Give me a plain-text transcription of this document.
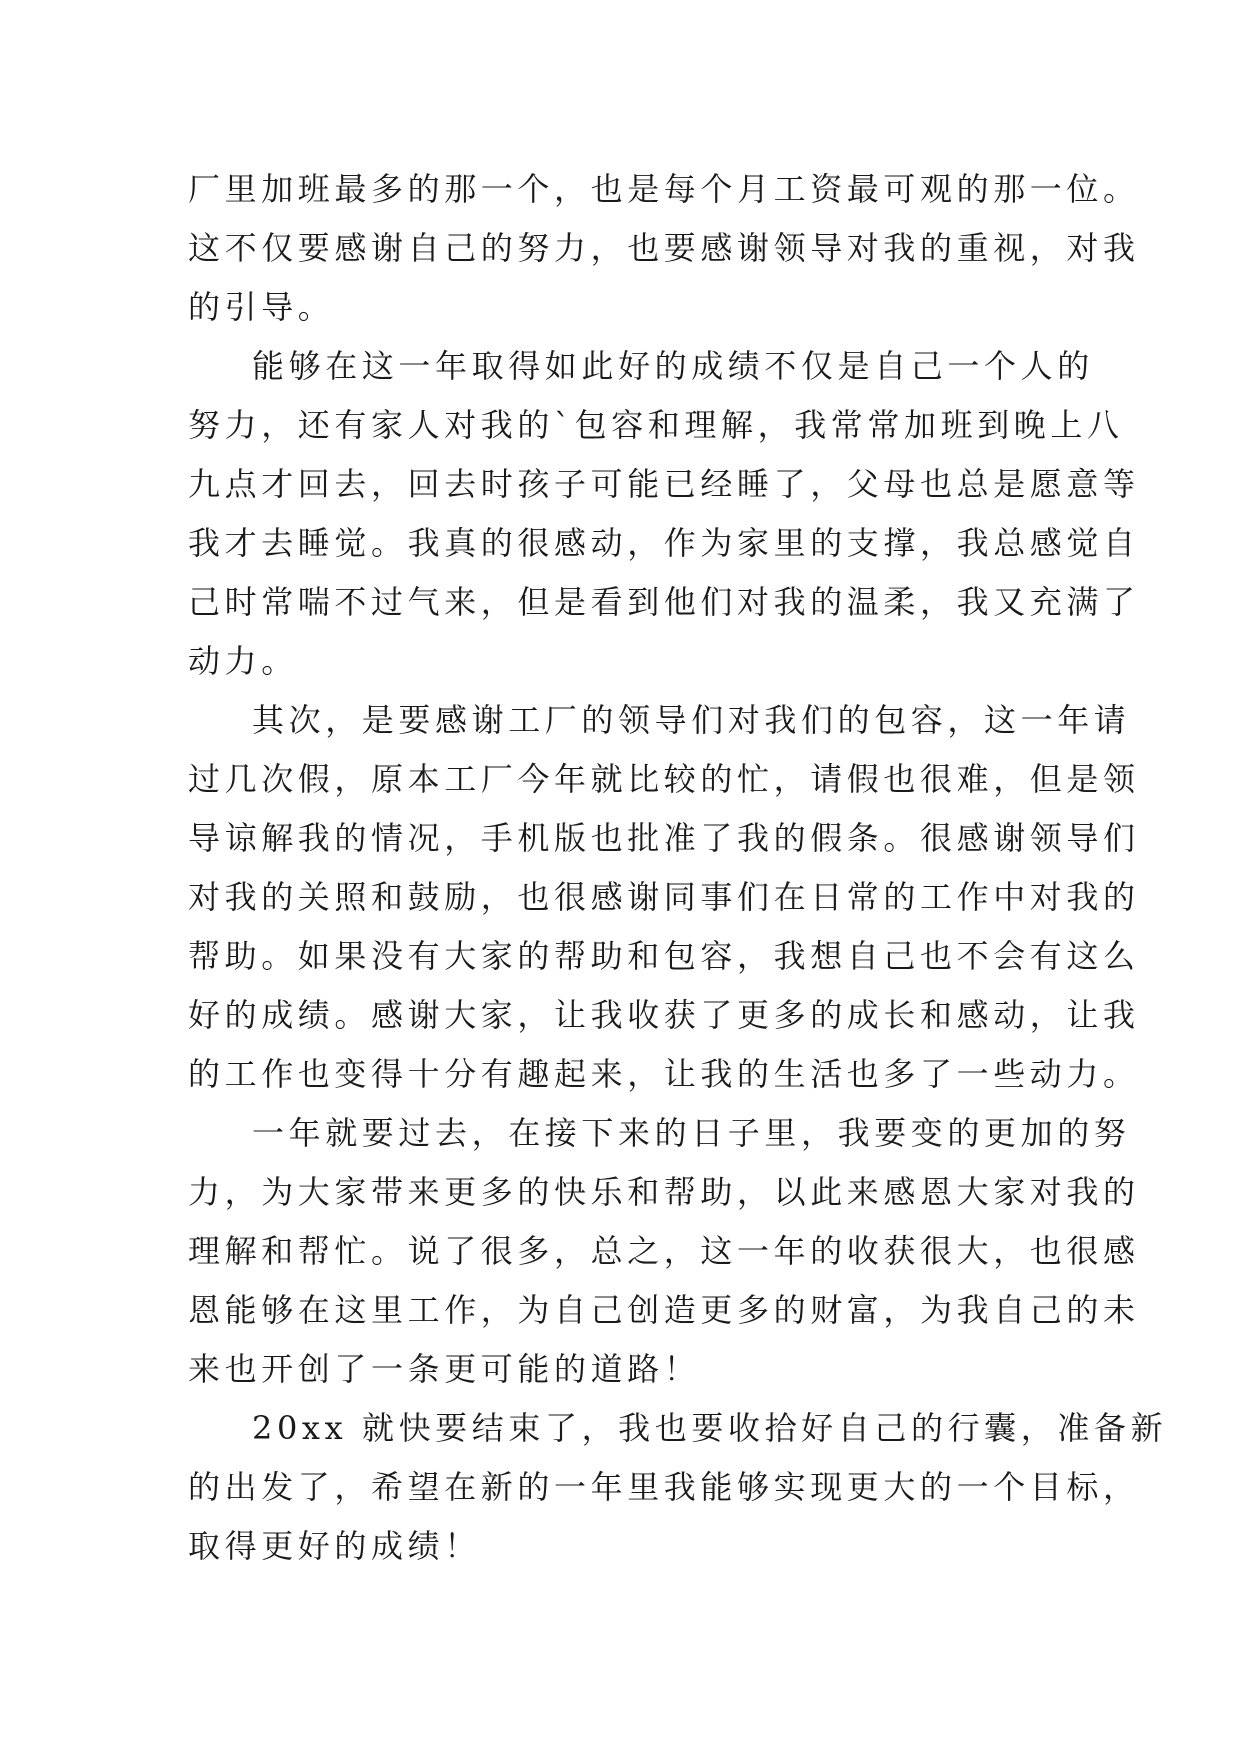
厂里加班最多的那一个，也是每个月工资最可观的那一位。
这不仅要感谢自己的努力，也要感谢领导对我的重视，对我
的引导。
能够在这一年取得如此好的成绩不仅是自己一个人的
努力，还有家人对我的`包容和理解，我常常加班到晚上八
九点才回去，回去时孩子可能已经睡了，父母也总是愿意等
我才去睡觉。我真的很感动，作为家里的支撑，我总感觉自
己时常喘不过气来，但是看到他们对我的温柔，我又充满了
动力。
其次，是要感谢工厂的领导们对我们的包容，这一年请
过几次假，原本工厂今年就比较的忙，请假也很难，但是领
导谅解我的情况，手机版也批准了我的假条。很感谢领导们
对我的关照和鼓励，也很感谢同事们在日常的工作中对我的
帮助。如果没有大家的帮助和包容，我想自己也不会有这么
好的成绩。感谢大家，让我收获了更多的成长和感动，让我
的工作也变得十分有趣起来，让我的生活也多了一些动力。
一年就要过去，在接下来的日子里，我要变的更加的努
力，为大家带来更多的快乐和帮助，以此来感恩大家对我的
理解和帮忙。说了很多，总之，这一年的收获很大，也很感
恩能够在这里工作，为自己创造更多的财富，为我自己的未
来也开创了一条更可能的道路！
20xx 就快要结束了，我也要收拾好自己的行囊，准备新
的出发了，希望在新的一年里我能够实现更大的一个目标，
取得更好的成绩！
